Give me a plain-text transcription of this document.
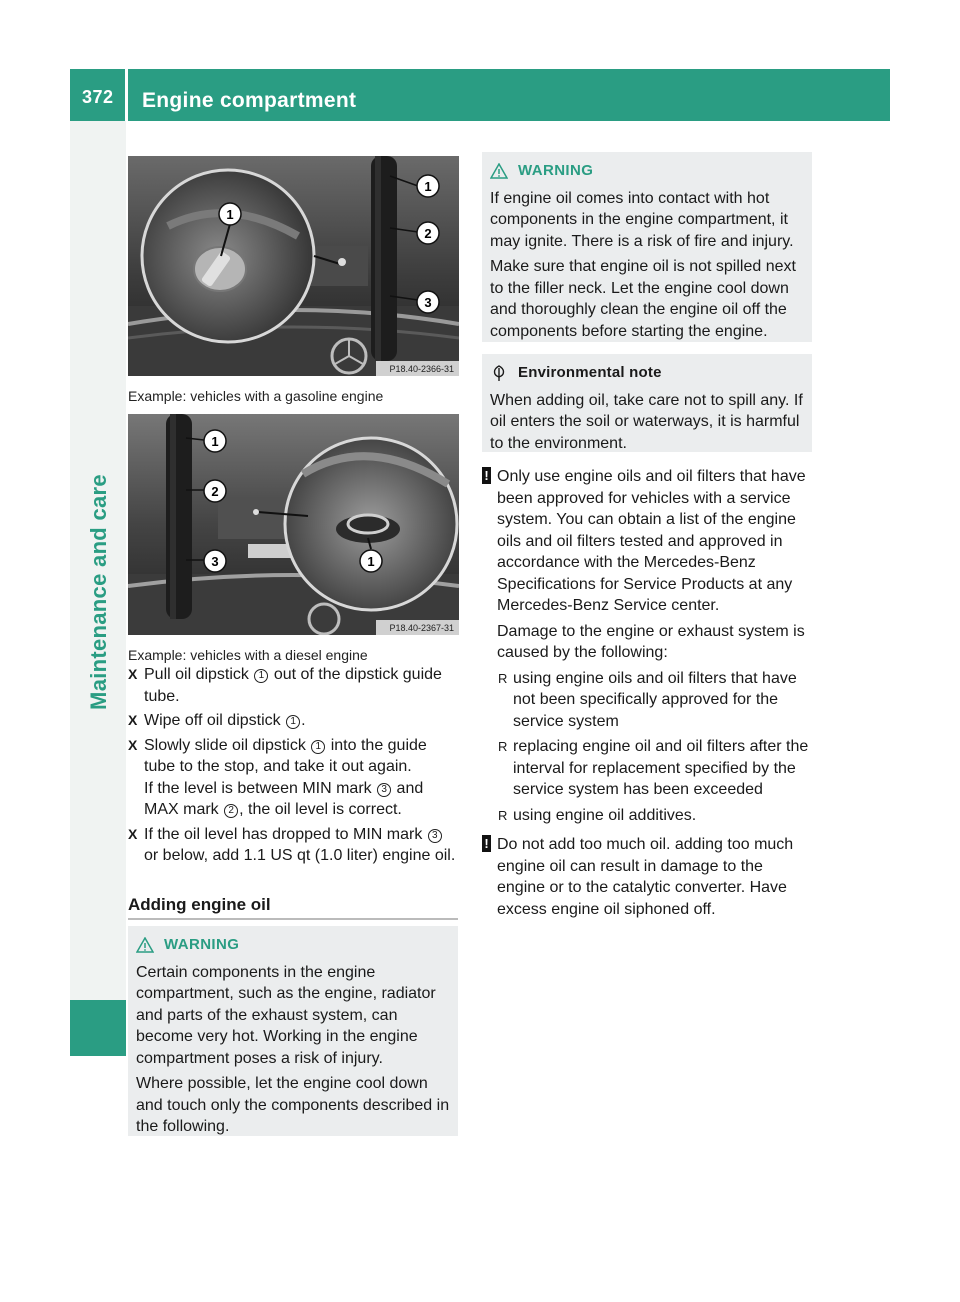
372 Engine compartment
Maintenance and care
1
1
2
3
P18.40-2366-31
Example: vehicles with a gasoline engine
1
2
3	1
P18.40-2367-31
Example: vehicles with a diesel engine
X Pull oil dipstick 1 out of the dipstick guide tube.
X Wipe off oil dipstick 1 .
X Slowly slide oil dipstick 1 into the guide tube to the stop, and take it out again.
If the level is between MIN mark 3 and MAX mark 2 , the oil level is correct.
X If the oil level has dropped to MIN mark 3 or below, add 1.1 US qt (1.0 liter) engine oil.
Adding engine oil
WARNING

Certain components in the engine compartment, such as the engine, radiator and parts of the exhaust system, can become very hot. Working in the engine compartment poses a risk of injury.

Where possible, let the engine cool down and touch only the components described in the following.

WARNING

If engine oil comes into contact with hot components in the engine compartment, it may ignite. There is a risk of fire and injury.

Make sure that engine oil is not spilled next to the filler neck. Let the engine cool down and thoroughly clean the engine oil off the components before starting the engine.

Environmental note

When adding oil, take care not to spill any. If oil enters the soil or waterways, it is harmful to the environment.

! Only use engine oils and oil filters that have been approved for vehicles with a service system. You can obtain a list of the engine oils and oil filters tested and approved in accordance with the Mercedes-Benz Specifications for Service Products at any Mercedes-Benz Service center.
Damage to the engine or exhaust system is caused by the following:
R using engine oils and oil filters that have not been specifically approved for the service system
R replacing engine oil and oil filters after the interval for replacement specified by the service system has been exceeded
R using engine oil additives.
! Do not add too much oil. adding too much engine oil can result in damage to the engine or to the catalytic converter. Have excess engine oil siphoned off.
